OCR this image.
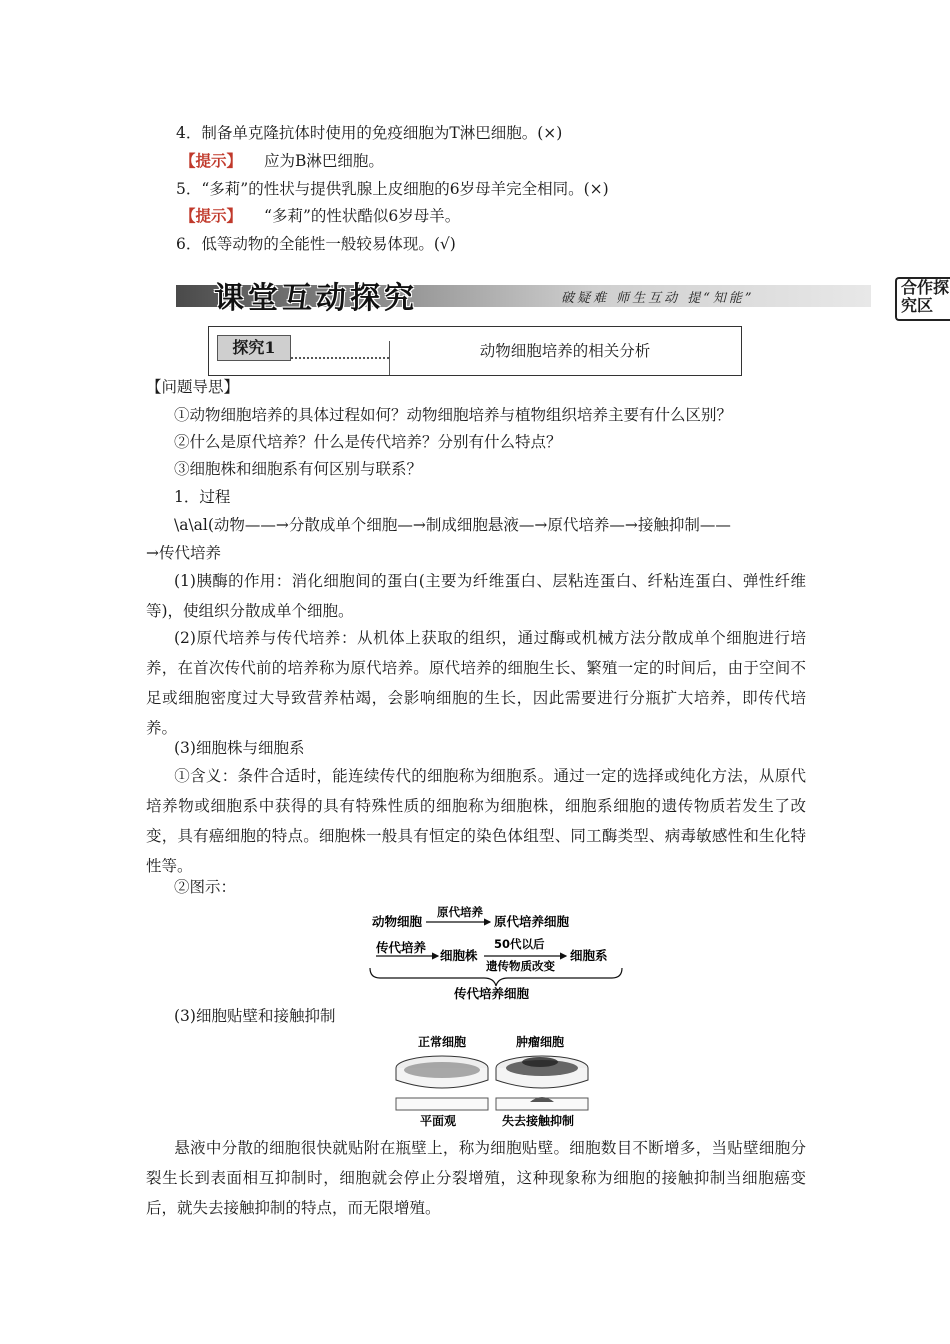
4．制备单克隆抗体时使用的免疫细胞为T淋巴细胞。(×)
【提示】 应为B淋巴细胞。
5．“多莉”的性状与提供乳腺上皮细胞的6岁母羊完全相同。(×)
【提示】 “多莉”的性状酷似6岁母羊。
6．低等动物的全能性一般较易体现。(√)
课堂互动探究	破疑难 师生互动 提“知能”
合作探
究区
探究1	动物细胞培养的相关分析
【问题导思】
①动物细胞培养的具体过程如何？动物细胞培养与植物组织培养主要有什么区别？
②什么是原代培养？什么是传代培养？分别有什么特点？
③细胞株和细胞系有何区别与联系？
1．过程
\a\al(动物——→分散成单个细胞—→制成细胞悬液—→原代培养—→接触抑制——
→传代培养
(1)胰酶的作用：消化细胞间的蛋白(主要为纤维蛋白、层粘连蛋白、纤粘连蛋白、弹性纤维等)，使组织分散成单个细胞。
(2)原代培养与传代培养：从机体上获取的组织，通过酶或机械方法分散成单个细胞进行培养，在首次传代前的培养称为原代培养。原代培养的细胞生长、繁殖一定的时间后，由于空间不足或细胞密度过大导致营养枯竭，会影响细胞的生长，因此需要进行分瓶扩大培养，即传代培养。
(3)细胞株与细胞系
①含义：条件合适时，能连续传代的细胞称为细胞系。通过一定的选择或纯化方法，从原代培养物或细胞系中获得的具有特殊性质的细胞称为细胞株，细胞系细胞的遗传物质若发生了改变，具有癌细胞的特点。细胞株一般具有恒定的染色体组型、同工酶类型、病毒敏感性和生化特性等。
②图示：
动物细胞
原代培养
原代培养细胞
传代培养
细胞株
50代以后
遗传物质改变
细胞系
传代培养细胞
(3)细胞贴壁和接触抑制
正常细胞	肿瘤细胞
平面观	失去接触抑制
悬液中分散的细胞很快就贴附在瓶壁上，称为细胞贴壁。细胞数目不断增多，当贴壁细胞分裂生长到表面相互抑制时，细胞就会停止分裂增殖，这种现象称为细胞的接触抑制当细胞癌变后，就失去接触抑制的特点，而无限增殖。
